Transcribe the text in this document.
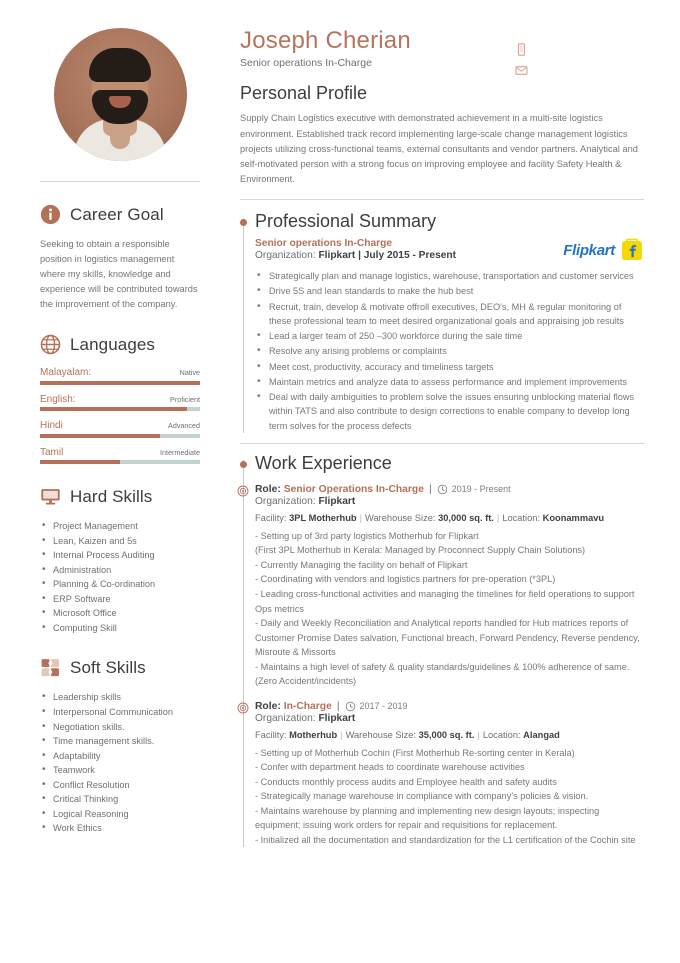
Career Goal

Seeking to obtain a responsible position in logistics management where my skills, knowledge and experience will be contributed towards the improvement of the company.

Languages
Malayalam:	Native
English:	Proficient
Hindi	Advanced
Tamil	Intermediate
Hard Skills
• Project Management
• Lean, Kaizen and 5s
• Internal Process Auditing
• Administration
• Planning & Co-ordination
• ERP Software
• Microsoft Office
• Computing Skill
Soft Skills
• Leadership skills
• Interpersonal Communication
• Negotiation skills.
• Time management skills.
• Adaptability
• Teamwork
• Conflict Resolution
• Critical Thinking
• Logical Reasoning
• Work Ethics
Joseph Cherian
Senior operations In-Charge
Personal Profile

Supply Chain Logistics executive with demonstrated achievement in a multi-site logistics environment. Established track record implementing large-scale change management logistics projects utilizing cross-functional teams, external consultants and vendor partners. Analytical and self-motivated person with a strong focus on improving employee and facility Safety Health & Environment.

Professional Summary
Flipkart
Senior operations In-Charge
Organization: Flipkart | July 2015 - Present
• Strategically plan and manage logistics, warehouse, transportation and customer services
• Drive 5S and lean standards to make the hub best
• Recruit, train, develop & motivate offroll executives, DEO's, MH & regular monitoring of these professional team to meet desired organizational goals and appraising job results
• Lead a larger team of 250 –300 workforce during the sale time
• Resolve any arising problems or complaints
• Meet cost, productivity, accuracy and timeliness targets
• Maintain metrics and analyze data to assess performance and implement improvements
• Deal with daily ambiguities to problem solve the issues ensuring unblocking material flows within TATS and also contribute to design corrections to enable company to develop long term solves for the process defects
Work Experience
Role: Senior Operations In-Charge | 2019 - Present
Organization: Flipkart
Facility: 3PL Motherhub | Warehouse Size: 30,000 sq. ft. | Location: Koonammavu
- Setting up of 3rd party logistics Motherhub for Flipkart
(First 3PL Motherhub in Kerala: Managed by Proconnect Supply Chain Solutions)
- Currently Managing the facility on behalf of Flipkart
- Coordinating with vendors and logistics partners for pre-operation (*3PL)
- Leading cross-functional activities and managing the timelines for field operations to support Ops metrics
- Daily and Weekly Reconciliation and Analytical reports handled for Hub matrices reports of Customer Promise Dates salvation, Functional breach, Forward Pendency, Reverse pendency, Misroute & Missorts
- Maintains a high level of safety & quality standards/guidelines & 100% adherence of same. (Zero Accident/incidents)
Role: In-Charge | 2017 - 2019
Organization: Flipkart
Facility: Motherhub | Warehouse Size: 35,000 sq. ft. | Location: Alangad
- Setting up of Motherhub Cochin (First Motherhub Re-sorting center in Kerala)
- Confer with department heads to coordinate warehouse activities
- Conducts monthly process audits and Employee health and safety audits
- Strategically manage warehouse in compliance with company's policies & vision.
- Maintains warehouse by planning and implementing new design layouts; inspecting equipment; issuing work orders for repair and requisitions for replacement.
- Initialized all the documentation and standardization for the L1 certification of the Cochin site
